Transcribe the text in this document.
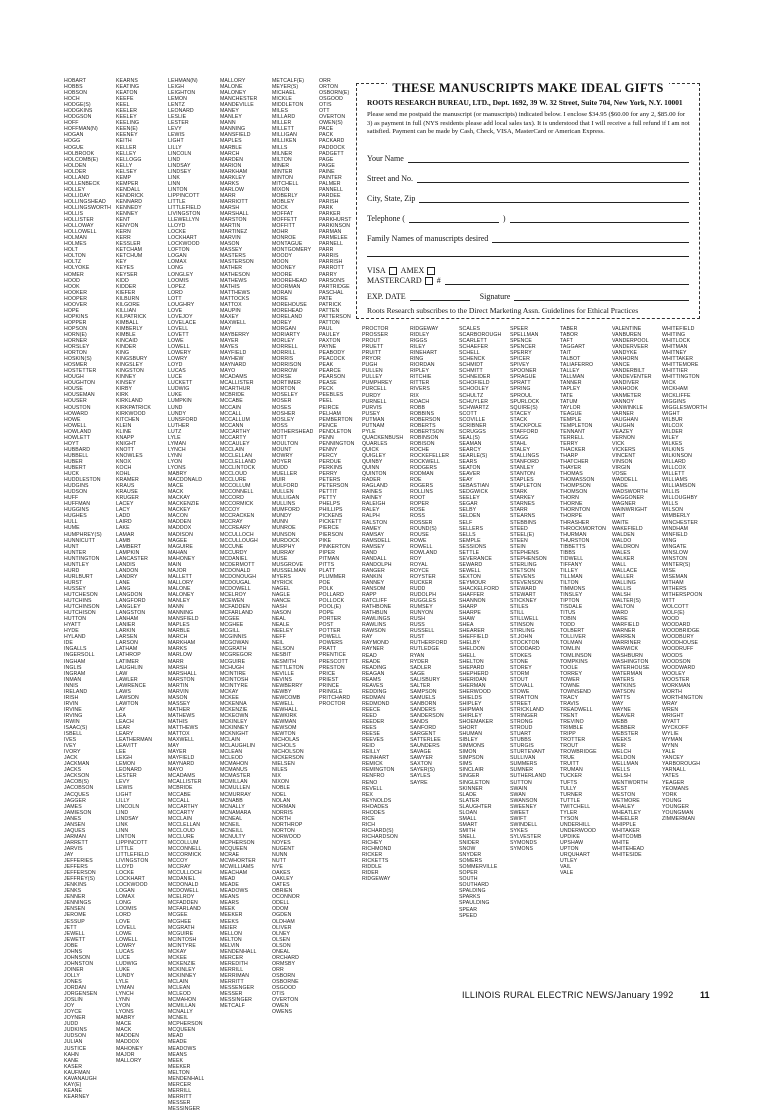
HOBART
HOBBS
HOBSON
HOCH
HODGE(S)
HODGKINS
HODGSON
HOFF
HOFFMAN(N)
HOGAN
HOGG
HOGUE
HOLBROOK
HOLCOMB(E)
HOLDEN
HOLDER
HOLLAND
HOLLENBECK
HOLLEY
HOLLIDAY
HOLLINGSHEAD
HOLLINGSWORTH
HOLLIS
HOLLISTER
HOLLOWAY
HOLLOWELL
HOLMAN
HOLMES
HOLT
HOLTON
HOLTZ
HOLYOKE
HOMER
HOOD
HOOK
HOOKER
HOOPER
HOOVER
HOPE
HOPKINS
HOPPER
HOPSON
HORN(E)
HORNER
HORSLEY
HORTON
HOSKIN(S)
HOSMER
HOSTETTER
HOUGH
HOUGHTON
HOUSE
HOUSEMAN
HOUSER
HOUSTON
HOWARD
HOWE
HOWELL
HOWLAND
HOWLETT
HOYT
HUBBARD
HUBBELL
HUBER
HUBERT
HUCK
HUDDLESTON
HUDGINS
HUDSON
HUFF
HUFFMAN
HUGGINS
HUGHES
HULL
HUME
HUMPHREY(S)
HUNNICUTT
HUNT
HUNTER
HUNTINGTON
HUNTLEY
HURD
HURLBURT
HURST
HUSSEY
HUTCHESON
HUTCHINS
HUTCHINSON
HUTCHISON
HUTTON
HYATT
HYDE
HYLAND
IDE
INGALLS
INGERSOLL
INGHAM
INGLIS
INGRAM
INMAN
INNIS
IRELAND
IRISH
IRVIN
IRVINE
IRVING
IRWIN
ISAAC(S)
ISBELL
IVES
IVEY
IVORY
JACK
JACKMAN
JACKS
JACKSON
JACOB(S)
JACOBSON
JACQUES
JAGGER
JAMES
JAMIESON
JANES
JANSEN
JAQUES
JARMAN
JARRETT
JARVIS
JAY
JEFFERIES
JEFFERS
JEFFERSON
JEFFREY(S)
JENKINS
JENKS
JENNER
JENNINGS
JENSEN
JEROME
JESSUP
JETT
JEWELL
JEWETT
JOBE
JOHNS
JOHNSON
JOHNSTON
JOINER
JOLLY
JONES
JORDAN
JORGENSEN
JOSLIN
JOY
JOYCE
JOYNER
JUDD
JUDKINS
JUDSON
JULIAN
JUSTICE
KAHN
KANE
KASER
KAUFMAN
KAVANAUGH
KAY(E)
KEANE
KEARNEY
KEARNS
KEATING
KEATON
KEEFE
KEEL
KEELER
KEELEY
KEELING
KEEN(E)
KEENEY
KEITH
KELLER
KELLEY
KELLOGG
KELLY
KELSEY
KEMP
KEMPER
KENDALL
KENDRICK
KENNARD
KENNEDY
KENNEY
KENT
KENYON
KERN
KERR
KESSLER
KETCHAM
KETCHUM
KEY
KEYES
KEYSER
KIDD
KIDDER
KIEFER
KILBURN
KILGORE
KILLIAN
KILPATRICK
KIMBALL
KIMBERLY
KIMBLE
KINCAID
KINDER
KING
KINGSBURY
KINGSLEY
KINGSTON
KINNEY
KINSEY
KIRBY
KIRK
KIRKLAND
KIRKPATRICK
KIRKWOOD
KITCHEN
KLEIN
KLINE
KNAPP
KNIGHT
KNOTT
KNOWLES
KNOX
KOCH
KOHL
KRAMER
KRAUS
KRAUSE
KRUGER
LACEY
LACY
LADD
LAIRD
LAKE
LAMAR
LAMB
LAMBERT
LAMPKIN
LANCASTER
LANDIS
LANDON
LANDRY
LANE
LANG
LANGDON
LANGFORD
LANGLEY
LANGSTON
LANHAM
LANIER
LARKIN
LARSEN
LARSON
LATHAM
LATHROP
LATIMER
LAUGHLIN
LAW
LAWLER
LAWRENCE
LAWS
LAWSON
LAWTON
LAY
LEA
LEACH
LEAR
LEARY
LEATHERMAN
LEAVITT
LEE
LEIGH
LEMON
LEONARD
LESTER
LEVY
LEWIS
LIGHT
LILLY
LINCOLN
LIND
LINDSAY
LINK
LINN
LINTON
LIPPINCOTT
LITTLE
LITTLEFIELD
LIVINGSTON
LLOYD
LOCKE
LOCKHART
LOCKWOOD
LOGAN
LOMAX
LONG
LOOMIS
LORD
LOVE
LOVELL
LOWE
LOWELL
LOWRY
LUCAS
LUCE
LUDWIG
LUKE
LUNDY
LYLE
LYMAN
LYNCH
LYNN
LYON
LYONS
MABRY
MACE
MACK
MADDEN
MADDOX
MAHONEY
MAJOR
MALLORY
LEHMAN(N)
LEIGH
LEIGHTON
LEMON
LENTZ
LEONARD
LESLIE
LESTER
LEVY
LEWIS
LIGHT
LILLY
LINCOLN
LIND
LINDSAY
LINDSEY
LINK
LINN
LINTON
LIPPINCOTT
LITTLE
LITTLEFIELD
LIVINGSTON
LLEWELLYN
LLOYD
LOCKE
LOCKHART
LOCKWOOD
LOFTON
LOGAN
LOMAX
LONG
LONGLEY
LOOMIS
LOPEZ
LORD
LOTT
LOUGHRY
LOVE
LOVEJOY
LOVELACE
LOVELL
LOVETT
LOWE
LOWELL
LOWERY
LOWRY
LOYD
LUCAS
LUCE
LUCKETT
LUDWIG
LUKE
LUMPKIN
LUND
LUNDY
LUNSFORD
LUTHER
LUTZ
LYLE
LYMAN
LYNCH
LYNN
LYON
LYONS
MABRY
MACDONALD
MACE
MACK
MACKAY
MACKENZIE
MACKEY
MACON
MADDEN
MADDOX
MADISON
MAGEE
MAGUIRE
MAHAN
MAHONEY
MAIN
MAJOR
MALLETT
MALLORY
MALONE
MALONEY
MANLEY
MANN
MANNING
MANSFIELD
MAPLES
MARBLE
MARCH
MARKHAM
MARKS
MARLOW
MARR
MARSH
MARSHALL
MARSTON
MARTIN
MARVIN
MASON
MASSEY
MATHER
MATHEWS
MATHIS
MATTHEWS
MATTOX
MAXWELL
MAY
MAYER
MAYFIELD
MAYNARD
MAYO
MCADAMS
MCALLISTER
MCBRIDE
MCCABE
MCCALL
MCCARTHY
MCCARTY
MCCLAIN
MCCLELLAN
MCCLOUD
MCCLURE
MCCOLLUM
MCCONNELL
MCCORMICK
MCCOY
MCCRAY
MCCULLOCH
MCDANIEL
MCDONALD
MCDOWELL
MCELROY
MCFADDEN
MCFARLAND
MCGEE
MCGHEE
MCGRATH
MCGUIRE
MCINTOSH
MCINTYRE
MCKAY
MCKEE
MCKENZIE
MCKINLEY
MCKINNEY
MCLAIN
MCLEAN
MCLEOD
MCMAHON
MCMILLAN
MCNALLY
MCNEIL
MCPHERSON
MCQUEEN
MEAD
MEADE
MEADOWS
MEANS
MEEK
MEEKER
MELTON
MENDENHALL
MERCER
MERRILL
MERRITT
MESSER
MESSINGER
MALLORY
MALONE
MALONEY
MANCHESTER
MANDEVILLE
MANEY
MANLEY
MANN
MANNING
MANSFIELD
MAPLES
MARBLE
MARCH
MARDEN
MARION
MARKHAM
MARKLEY
MARKS
MARLOW
MARR
MARRIOTT
MARSH
MARSHALL
MARSTON
MARTIN
MARTINEZ
MARVIN
MASON
MASSEY
MASTERS
MASTERSON
MATHER
MATHESON
MATHEWS
MATHIS
MATTHEWS
MATTOCKS
MATTOX
MAUPIN
MAXEY
MAXWELL
MAY
MAYBERRY
MAYER
MAYES
MAYFIELD
MAYHEW
MAYNARD
MAYO
MCADAMS
MCALLISTER
MCARTHUR
MCBRIDE
MCCABE
MCCAIN
MCCALL
MCCALLUM
MCCANN
MCCARTHY
MCCARTY
MCCAULEY
MCCLAIN
MCCLELLAN
MCCLELLAND
MCCLINTOCK
MCCLOUD
MCCLURE
MCCOLLUM
MCCONNELL
MCCORD
MCCORMICK
MCCOY
MCCRACKEN
MCCRAY
MCCREARY
MCCULLOCH
MCCULLOUGH
MCCUNE
MCCURDY
MCDANIEL
MCDERMOTT
MCDONALD
MCDONOUGH
MCDOUGAL
MCDOWELL
MCELROY
MCEWEN
MCFADDEN
MCFARLAND
MCGEE
MCGHEE
MCGILL
MCGINNIS
MCGOWAN
MCGRATH
MCGREGOR
MCGUIRE
MCHUGH
MCINTIRE
MCINTOSH
MCINTYRE
MCKAY
MCKEE
MCKENNA
MCKENZIE
MCKEOWN
MCKINLEY
MCKINNEY
MCKNIGHT
MCLAIN
MCLAUGHLIN
MCLEAN
MCLEOD
MCMAHON
MCMANUS
MCMASTER
MCMILLAN
MCMULLEN
MCMURRAY
MCNABB
MCNALLY
MCNAMARA
MCNEAL
MCNEIL
MCNEILL
MCNULTY
MCPHERSON
MCQUEEN
MCRAE
MCWHORTER
MCWILLIAMS
MEACHAM
MEAD
MEADE
MEADOWS
MEANS
MEARS
MEEK
MEEKER
MEEKS
MEIER
MELLON
MELTON
MELVIN
MENDENHALL
MERCER
MEREDITH
MERRILL
MERRIMAN
MERRITT
MESSENGER
MESSER
MESSINGER
METCALF
METCALF(E)
MEYER(S)
MICHAEL
MICKLE
MIDDLETON
MILES
MILLARD
MILLER
MILLETT
MILLIGAN
MILLIKEN
MILLS
MILNER
MILTON
MINER
MINTER
MINTON
MITCHELL
MIXON
MOBERLY
MOBLEY
MOCK
MOFFAT
MOFFETT
MOFFITT
MOHR
MONROE
MONTAGUE
MONTGOMERY
MOODY
MOON
MOONEY
MOORE
MOOREHEAD
MOORMAN
MORAN
MORE
MOREHOUSE
MOREHEAD
MORELAND
MOREY
MORGAN
MORIARTY
MORLEY
MORRELL
MORRILL
MORRIS
MORRISON
MORROW
MORSE
MORTIMER
MORTON
MOSELEY
MOSER
MOSES
MOSHER
MOSLEY
MOSS
MOTHERSHEAD
MOTT
MOULTON
MOUNT
MOWRY
MOYER
MUDD
MUELLER
MUIR
MULFORD
MULLEN
MULLIGAN
MULLINS
MUMFORD
MUNDY
MUNN
MUNROE
MUNSON
MURDOCK
MURPHY
MURRAY
MUSE
MUSGROVE
MUSSELMAN
MYERS
MYRICK
NAGEL
NAGLE
NANCE
NASH
NASON
NEAL
NEALE
NEELEY
NEFF
NEIL
NELSON
NESBIT
NESMITH
NETTLETON
NEVILLE
NEVINS
NEWBERRY
NEWBY
NEWCOMB
NEWELL
NEWHALL
NEWKIRK
NEWMAN
NEWSOM
NEWTON
NICHOLAS
NICHOLS
NICHOLSON
NICKERSON
NIELSEN
NILES
NIX
NIXON
NOBLE
NOEL
NOLAN
NORMAN
NORRIS
NORTH
NORTHROP
NORTON
NORWOOD
NOYES
NUGENT
NUNN
NUTT
NYE
OAKES
OAKLEY
OATES
OBRIEN
OCONNOR
ODELL
ODOM
OGDEN
OLDHAM
OLIVER
OLNEY
OLSEN
OLSON
ONEAL
ORCHARD
ORMSBY
ORR
OSBORN
OSBORNE
OSGOOD
OTIS
OVERTON
OWEN
OWENS
ORR
ORTON
OSBORN(E)
OSGOOD
OTIS
OTT
OVERTON
OWEN(S)
PACE
PACK
PACKARD
PADDOCK
PADGETT
PAGE
PAIGE
PAINE
PAINTER
PALMER
PANNELL
PARDEE
PARISH
PARK
PARKER
PARKHURST
PARKINSON
PARMAN
PARMELEE
PARNELL
PARR
PARRIS
PARRISH
PARROTT
PARRY
PARSONS
PARTRIDGE
PASCHAL
PATE
PATRICK
PATTEN
PATTERSON
PATTON
PAUL
PAULEY
PAXTON
PAYNE
PEABODY
PEACOCK
PEAK
PEARCE
PEARSON
PEASE
PECK
PEEBLES
PEEL
PEIRCE
PELHAM
PEMBERTON
PENCE
PENDLETON
PENN
PENNINGTON
PENNY
PERCY
PERDUE
PERKINS
PERRY
PETERS
PETERSON
PETTIT
PETTY
PHELPS
PHILLIPS
PICKENS
PICKETT
PIERCE
PIERSON
PIKE
PINKERTON
PIPER
PITMAN
PITTS
PLATT
PLUMMER
POE
POLK
POLLARD
POLLOCK
POOL(E)
POPE
PORTER
POST
POTTER
POWELL
POWERS
PRATT
PRENTICE
PRESCOTT
PRESTON
PRICE
PRIEST
PRINCE
PRINGLE
PRITCHARD
PROCTOR
PROCTOR
PROSSER
PROUT
PRUETT
PRUITT
PRYOR
PUGH
PULLEN
PULLEY
PUMPHREY
PURCELL
PURDY
PURNELL
PURVIS
PUSEY
PUTMAN
PUTNAM
PYLE
QUACKENBUSH
QUARLES
QUICK
QUIGLEY
QUINBY
QUINN
QUINTON
RADER
RAGLAND
RAINES
RAINEY
RALEIGH
RALEY
RALPH
RALSTON
RAMEY
RAMSAY
RAMSDELL
RAMSEY
RAND
RANDALL
RANDOLPH
RANGER
RANKIN
RANNEY
RANSOM
RAPP
RATCLIFF
RATHBONE
RATHBUN
RAWLINGS
RAWLINS
RAWSON
RAY
RAYMOND
RAYNER
READ
READE
READING
REAGAN
REAMS
REAVES
REDDING
REDMAN
REDMOND
REECE
REED
REEDER
REES
REESE
REEVES
REID
REILLY
REINHART
REMICK
REMINGTON
RENFRO
RENO
REVELL
REX
REYNOLDS
RHOADES
RHODES
RICE
RICH
RICHARD(S)
RICHARDSON
RICHEY
RICHMOND
RICKER
RICKETTS
RIDDLE
RIDER
RIDGEWAY
RIDGEWAY
RIDLEY
RIGGS
RILEY
RINEHART
RING
RIORDAN
RIPLEY
RITCHIE
RITTER
RIVERS
RIX
ROACH
ROBB
ROBBINS
ROBERSON
ROBERTS
ROBERTSON
ROBINSON
ROBISON
ROCHE
ROCKEFELLER
ROCKWELL
RODGERS
RODMAN
ROE
ROGERS
ROLLINS
ROOT
ROPER
ROSE
ROSS
ROSSER
ROUND(S)
ROUSE
ROWE
ROWELL
ROWLAND
ROY
ROYAL
ROYCE
ROYSTER
RUCKER
RUDD
RUDOLPH
RUGGLES
RUMSEY
RUNYON
RUSH
RUSS
RUSSELL
RUST
RUTHERFORD
RUTLEDGE
RYAN
RYDER
SADLER
SAGE
SALISBURY
SALTER
SAMPSON
SAMUELS
SANBORN
SANDERS
SANDERSON
SANDS
SANFORD
SARGENT
SATTERLEE
SAUNDERS
SAVAGE
SAWYER
SAXTON
SAYER(S)
SAYLES
SAYRE
SCALES
SCARBOROUGH
SCARLETT
SCHAEFER
SCHELL
SCHENCK
SCHMIDT
SCHMITT
SCHNEIDER
SCHOFIELD
SCHOOLEY
SCHULTZ
SCHUYLER
SCHWARTZ
SCOTT
SCOVILLE
SCRIBNER
SCRUGGS
SEAL(S)
SEAMAN
SEARCY
SEARLE(S)
SEARS
SEATON
SEAVER
SEAY
SEBASTIAN
SEDGWICK
SEELEY
SEGAR
SELBY
SELDEN
SELF
SELLERS
SELLS
SEMPLE
SESSIONS
SETTLE
SEVERANCE
SEWARD
SEWELL
SEXTON
SEYMOUR
SHACKELFORD
SHAFFER
SHANNON
SHARP
SHARPE
SHAW
SHEA
SHEARER
SHEFFIELD
SHELBY
SHELDON
SHELL
SHELTON
SHEPARD
SHEPHERD
SHERIDAN
SHERMAN
SHERWOOD
SHIELDS
SHIPLEY
SHIPMAN
SHIRLEY
SHOEMAKER
SHORT
SHUMAN
SIBLEY
SIMMONS
SIMON
SIMPSON
SIMS
SINCLAIR
SINGER
SINGLETON
SKINNER
SLADE
SLATER
SLAUGHTER
SLOAN
SMALL
SMART
SMITH
SNELL
SNIDER
SNOW
SNYDER
SOMERS
SOMMERVILLE
SOPER
SOUTH
SOUTHARD
SPALDING
SPARKS
SPAULDING
SPEAR
SPEED
SPEER
SPELLMAN
SPENCE
SPENCER
SPERRY
SPICER
SPIVEY
SPOONER
SPRAGUE
SPRATT
SPRING
SPROUL
SPURLOCK
SQUIRE(S)
STACEY
STACK
STACKPOLE
STAFFORD
STAGG
STAHL
STALEY
STALLINGS
STANFORD
STANLEY
STANTON
STAPLES
STAPLETON
STARK
STARKEY
STARNES
STARR
STEARNS
STEBBINS
STEED
STEEL(E)
STEEN
STEIN
STEPHENS
STEPHENSON
STERLING
STETSON
STEVENS
STEVENSON
STEWARD
STEWART
STICKNEY
STILES
STILL
STILLWELL
STINSON
STIRLING
ST.JOHN
STOCKTON
STODDARD
STOKES
STONE
STOREY
STORM
STOUT
STOVALL
STOWE
STRATTON
STREET
STRICKLAND
STRINGER
STRONG
STROUD
STUART
STUBBS
STURGIS
STURTEVANT
SULLIVAN
SUMMERS
SUMNER
SUTHERLAND
SUTTON
SWAIN
SWAN
SWANSON
SWEENEY
SWEET
SWIFT
SWINDELL
SYKES
SYLVESTER
SYMONDS
SYMONS
TABER
TABOR
TAFT
TAGGART
TAIT
TALBOT
TALIAFERRO
TALLEY
TALLMAN
TANNER
TAPLEY
TATE
TATUM
TAYLOR
TEAGUE
TEMPLE
TEMPLETON
TENNANT
TERRELL
TERRY
THACKER
THARP
THATCHER
THAYER
THOMAS
THOMASSON
THOMPSON
THOMSON
THORN
THORNE
THORNTON
THORPE
THRASHER
THROCKMORTON
THURMAN
THURSTON
TIBBETTS
TIBBS
TIDWELL
TIFFANY
TILLEY
TILLMAN
TILTON
TIMMONS
TINSLEY
TIPTON
TISDALE
TITUS
TOBIN
TODD
TOLBERT
TOLLIVER
TOLMAN
TOMLIN
TOMLINSON
TOMPKINS
TOOLE
TORREY
TOWER
TOWNE
TOWNSEND
TRACY
TRAVIS
TREADWELL
TRENT
TREVINO
TRIMBLE
TRIPP
TROTTER
TROUT
TROWBRIDGE
TRUE
TRUITT
TRUMAN
TUCKER
TUFTS
TULLY
TURNER
TUTTLE
TWITCHELL
TYLER
TYSON
UNDERHILL
UNDERWOOD
UPDIKE
UPSHAW
UPTON
URQUHART
UTLEY
VAIL
VALE
VALENTINE
VANBUREN
VANDERPOOL
VANDERVEER
VANDYKE
VANHORN
VANCE
VANDERBILT
VANDEVENTER
VANDIVER
VANHOOK
VANMETER
VANNOY
VANWINKLE
VARNER
VAUGHAN
VAUGHN
VEAZEY
VERNON
VICK
VICKERS
VINCENT
VINSON
VIRGIN
VOSE
WADDELL
WADE
WADSWORTH
WAGGONER
WAGNER
WAINWRIGHT
WAIT
WAITE
WAKEFIELD
WALDEN
WALDO
WALDRON
WALES
WALKER
WALL
WALLACE
WALLER
WALLING
WALLIS
WALSH
WALTER(S)
WALTON
WARD
WARE
WARFIELD
WARNER
WARREN
WARRINER
WARWICK
WASHBURN
WASHINGTON
WATERHOUSE
WATERMAN
WATERS
WATKINS
WATSON
WATTS
WAY
WAYNE
WEAVER
WEBB
WEBBER
WEBSTER
WEEKS
WEIR
WELCH
WELDON
WELLMAN
WELLS
WELSH
WENTWORTH
WEST
WESTON
WETMORE
WHALEY
WHEATLEY
WHEELER
WHIPPLE
WHITAKER
WHITCOMB
WHITE
WHITEHEAD
WHITESIDE
WHITEFIELD
WHITING
WHITLOCK
WHITMAN
WHITNEY
WHITTAKER
WHITTEMORE
WHITTIER
WHITTINGTON
WICK
WICKHAM
WICKLIFFE
WIGGINS
WIGGLESWORTH
WIGHT
WILBUR
WILCOX
WILDER
WILEY
WILKES
WILKINS
WILKINSON
WILLARD
WILLCOX
WILLETT
WILLIAMS
WILLIAMSON
WILLIS
WILLOUGHBY
WILLS
WILSON
WIMBERLY
WINCHESTER
WINDHAM
WINFIELD
WING
WINGATE
WINSLOW
WINSTON
WINTER(S)
WISE
WISEMAN
WITHAM
WITHERS
WITHERSPOON
WITT
WOLCOTT
WOLF(E)
WOOD
WOODARD
WOODBRIDGE
WOODBURY
WOODHOUSE
WOODRUFF
WOODS
WOODSON
WOODWARD
WOOLEY
WOOSTER
WORKMAN
WORTH
WORTHINGTON
WRAY
WREN
WRIGHT
WYATT
WYCKOFF
WYLIE
WYMAN
WYNN
YALE
YANCEY
YARBOROUGH
YARNALL
YATES
YEAGER
YEOMANS
YORK
YOUNG
YOUNGER
YOUNGMAN
ZIMMERMAN
THESE MANUSCRIPTS MAKE IDEAL GIFTS
ROOTS RESEARCH BUREAU, LTD., Dept. 1692, 39 W. 32 Street, Suite 704, New York, N.Y. 10001
Please send me postpaid the manuscript (or manuscripts) indicated below. I enclose $34.95 ($60.00 for any 2, $85.00 for 3) as payment in full (NYS residents please add local sales tax). It is understood that I will receive a full refund if I am not satisfied. Payment can be made by Cash, Check, VISA, MasterCard or American Express.
Your Name
Street and No.
City, State, Zip
Telephone (	)
Family Names of manuscripts desired
VISA AMEX
MASTERCARD #
EXP. DATE	Signature
Roots Research subscribes to the Direct Marketing Assn. Guidelines for Ethical Practices
ILLINOIS RURAL ELECTRIC NEWS/January 1992	11
